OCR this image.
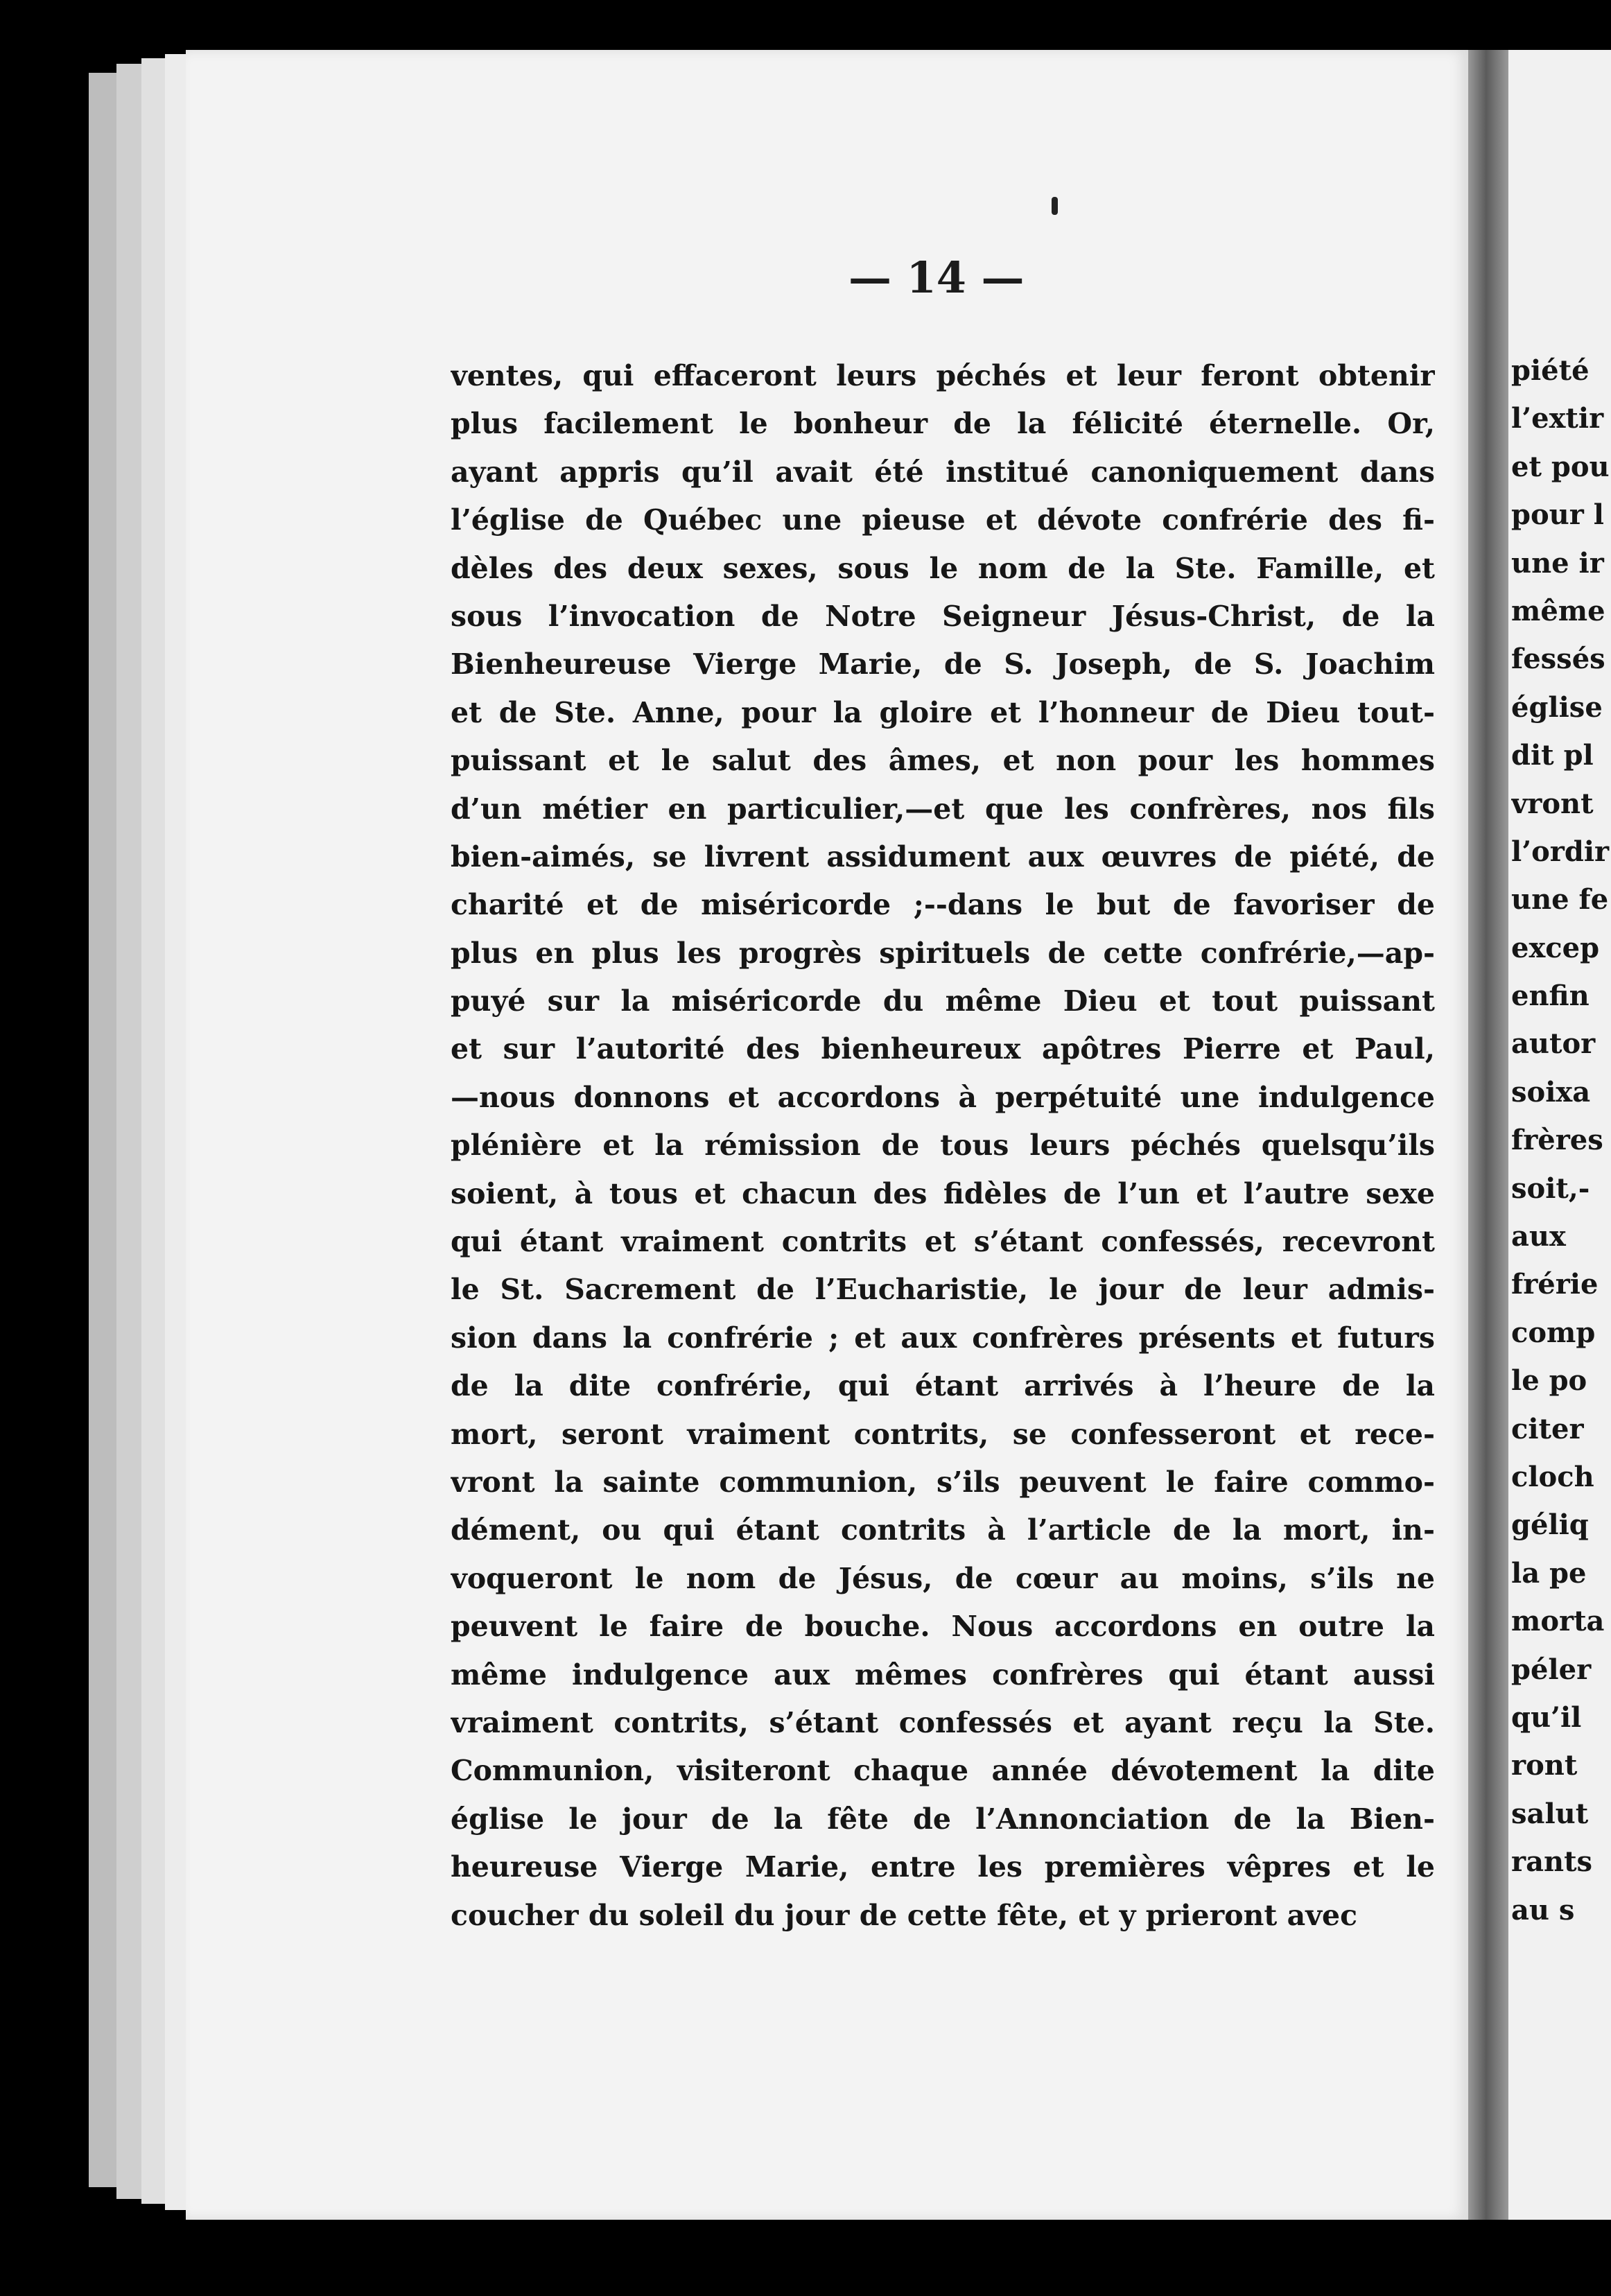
— 14 —
ventes, qui effaceront leurs péchés et leur feront obtenir
plus facilement le bonheur de la félicité éternelle. Or,
ayant appris qu’il avait été institué canoniquement dans
l’église de Québec une pieuse et dévote confrérie des fi-
dèles des deux sexes, sous le nom de la Ste. Famille, et
sous l’invocation de Notre Seigneur Jésus-Christ, de la
Bienheureuse Vierge Marie, de S. Joseph, de S. Joachim
et de Ste. Anne, pour la gloire et l’honneur de Dieu tout-
puissant et le salut des âmes, et non pour les hommes
d’un métier en particulier,—et que les confrères, nos fils
bien-aimés, se livrent assidument aux œuvres de piété, de
charité et de miséricorde ;--dans le but de favoriser de
plus en plus les progrès spirituels de cette confrérie,—ap-
puyé sur la miséricorde du même Dieu et tout puissant
et sur l’autorité des bienheureux apôtres Pierre et Paul,
—nous donnons et accordons à perpétuité une indulgence
plénière et la rémission de tous leurs péchés quelsqu’ils
soient, à tous et chacun des fidèles de l’un et l’autre sexe
qui étant vraiment contrits et s’étant confessés, recevront
le St. Sacrement de l’Eucharistie, le jour de leur admis-
sion dans la confrérie ; et aux confrères présents et futurs
de la dite confrérie, qui étant arrivés à l’heure de la
mort, seront vraiment contrits, se confesseront et rece-
vront la sainte communion, s’ils peuvent le faire commo-
dément, ou qui étant contrits à l’article de la mort, in-
voqueront le nom de Jésus, de cœur au moins, s’ils ne
peuvent le faire de bouche. Nous accordons en outre la
même indulgence aux mêmes confrères qui étant aussi
vraiment contrits, s’étant confessés et ayant reçu la Ste.
Communion, visiteront chaque année dévotement la dite
église le jour de la fête de l’Annonciation de la Bien-
heureuse Vierge Marie, entre les premières vêpres et le
coucher du soleil du jour de cette fête, et y prieront avec
piété
l’extir
et pou
pour l
une ir
même
fessés
église
dit pl
vront
l’ordir
une fe
excep
enfin
autor
soixa
frères
soit,-
aux
frérie
comp
le po
citer
cloch
géliq
la pe
morta
péler
qu’il
ront
salut
rants
au s
